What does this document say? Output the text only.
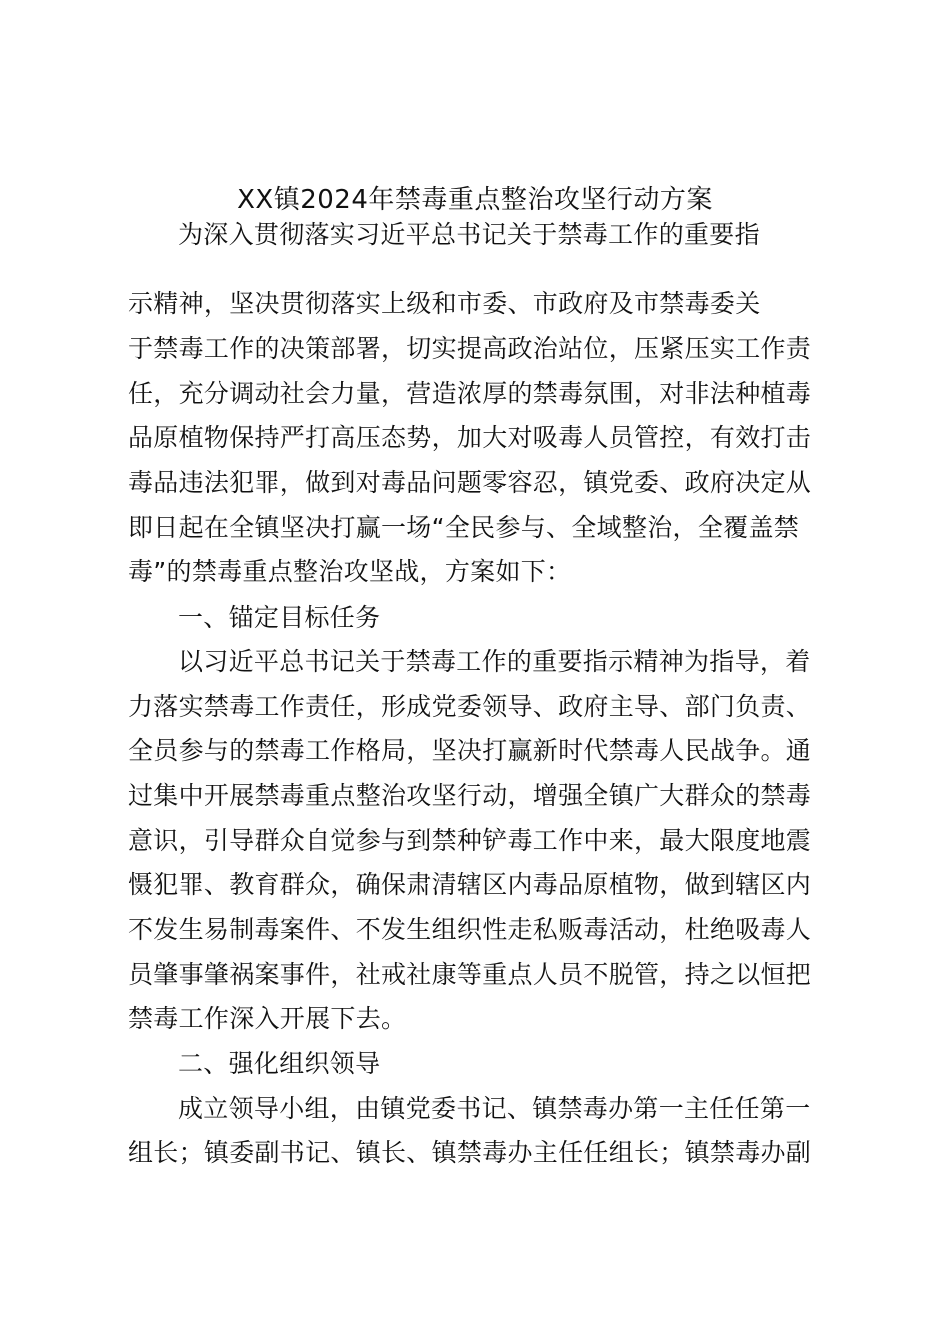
XX镇2024年禁毒重点整治攻坚行动方案
为深入贯彻落实习近平总书记关于禁毒工作的重要指
示精神，坚决贯彻落实上级和市委、市政府及市禁毒委关
于禁毒工作的决策部署，切实提高政治站位，压紧压实工作责
任，充分调动社会力量，营造浓厚的禁毒氛围，对非法种植毒
品原植物保持严打高压态势，加大对吸毒人员管控，有效打击
毒品违法犯罪，做到对毒品问题零容忍，镇党委、政府决定从
即日起在全镇坚决打赢一场“全民参与、全域整治，全覆盖禁
毒”的禁毒重点整治攻坚战，方案如下：
一、锚定目标任务
以习近平总书记关于禁毒工作的重要指示精神为指导，着
力落实禁毒工作责任，形成党委领导、政府主导、部门负责、
全员参与的禁毒工作格局，坚决打赢新时代禁毒人民战争。通
过集中开展禁毒重点整治攻坚行动，增强全镇广大群众的禁毒
意识，引导群众自觉参与到禁种铲毒工作中来，最大限度地震
慑犯罪、教育群众，确保肃清辖区内毒品原植物，做到辖区内
不发生易制毒案件、不发生组织性走私贩毒活动，杜绝吸毒人
员肇事肇祸案事件，社戒社康等重点人员不脱管，持之以恒把
禁毒工作深入开展下去。
二、强化组织领导
成立领导小组，由镇党委书记、镇禁毒办第一主任任第一
组长；镇委副书记、镇长、镇禁毒办主任任组长；镇禁毒办副
